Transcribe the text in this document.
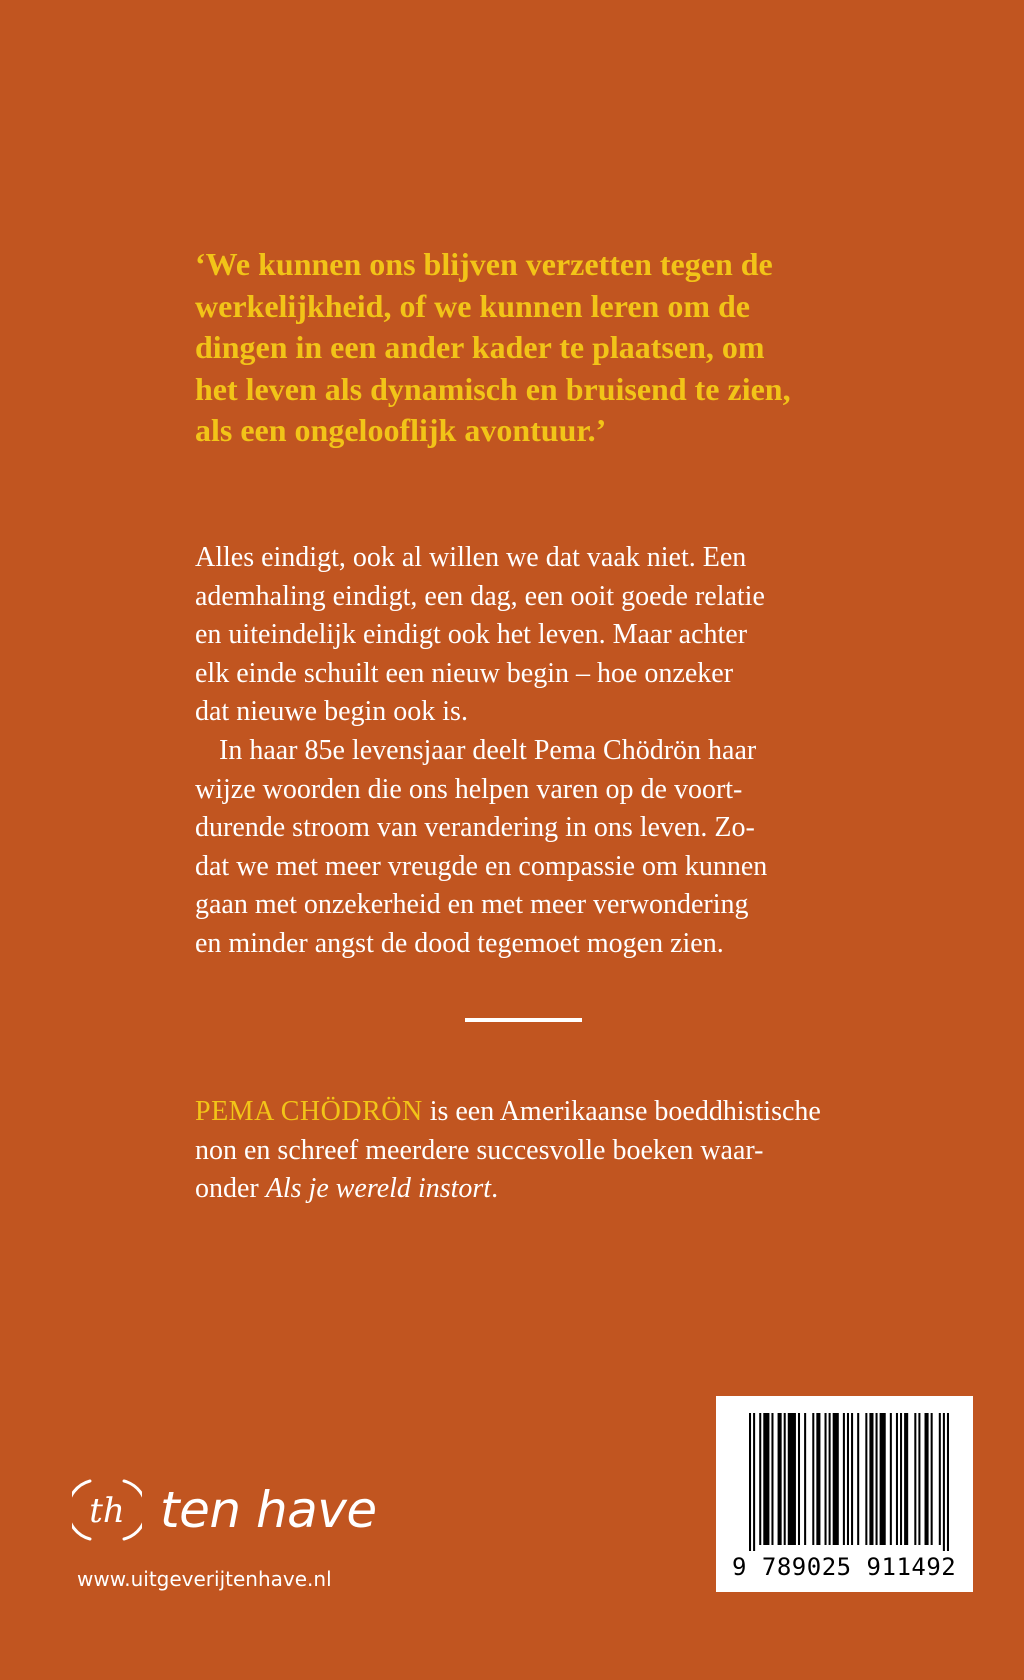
‘We kunnen ons blijven verzetten tegen de
werkelijkheid, of we kunnen leren om de
dingen in een ander kader te plaatsen, om
het leven als dynamisch en bruisend te zien,
als een ongelooflijk avontuur.’
Alles eindigt, ook al willen we dat vaak niet. Een
ademhaling eindigt, een dag, een ooit goede relatie
en uiteindelijk eindigt ook het leven. Maar achter
elk einde schuilt een nieuw begin – hoe onzeker
dat nieuwe begin ook is.
In haar 85e levensjaar deelt Pema Chödrön haar
wijze woorden die ons helpen varen op de voort-
durende stroom van verandering in ons leven. Zo-
dat we met meer vreugde en compassie om kunnen
gaan met onzekerheid en met meer verwondering
en minder angst de dood tegemoet mogen zien.
PEMA CHÖDRÖN is een Amerikaanse boeddhistische
non en schreef meerdere succesvolle boeken waar-
onder Als je wereld instort.
th ten have
www.uitgeverijtenhave.nl	9 789025 911492
